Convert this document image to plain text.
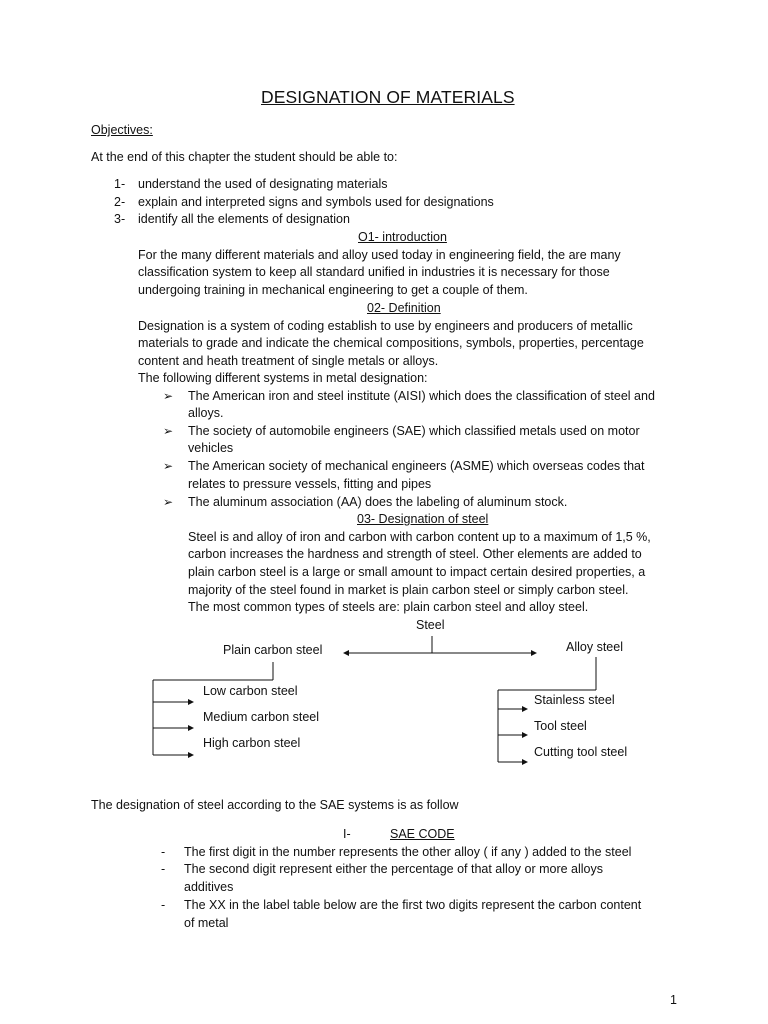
DESIGNATION OF MATERIALS
Objectives:
At the end of this chapter the student should be able to:
1- understand the used of designating materials
2- explain and interpreted signs and symbols used for designations
3- identify all the elements of designation
O1- introduction
For the many different materials and alloy used today in engineering field, the are many
classification system to keep all standard unified in industries it is necessary for those
undergoing training in mechanical engineering to get a couple of them.
02- Definition
Designation is a system of coding establish to use by engineers and producers of metallic
materials to grade and indicate the chemical compositions, symbols, properties, percentage
content and heath treatment of single metals or alloys.
The following different systems in metal designation:
➢ The American iron and steel institute (AISI) which does the classification of steel and
alloys.
➢ The society of automobile engineers (SAE) which classified metals used on motor
vehicles
➢ The American society of mechanical engineers (ASME) which overseas codes that
relates to pressure vessels, fitting and pipes
➢ The aluminum association (AA) does the labeling of aluminum stock.
03- Designation of steel
Steel is and alloy of iron and carbon with carbon content up to a maximum of 1,5 %,
carbon increases the hardness and strength of steel. Other elements are added to
plain carbon steel is a large or small amount to impact certain desired properties, a
majority of the steel found in market is plain carbon steel or simply carbon steel.
The most common types of steels are: plain carbon steel and alloy steel.
Steel
Plain carbon steel	Alloy steel
Low carbon steel
Medium carbon steel
High carbon steel
Stainless steel
Tool steel
Cutting tool steel
The designation of steel according to the SAE systems is as follow
I-	SAE CODE
- The first digit in the number represents the other alloy ( if any ) added to the steel
- The second digit represent either the percentage of that alloy or more alloys
additives
- The XX in the label table below are the first two digits represent the carbon content
of metal
1
